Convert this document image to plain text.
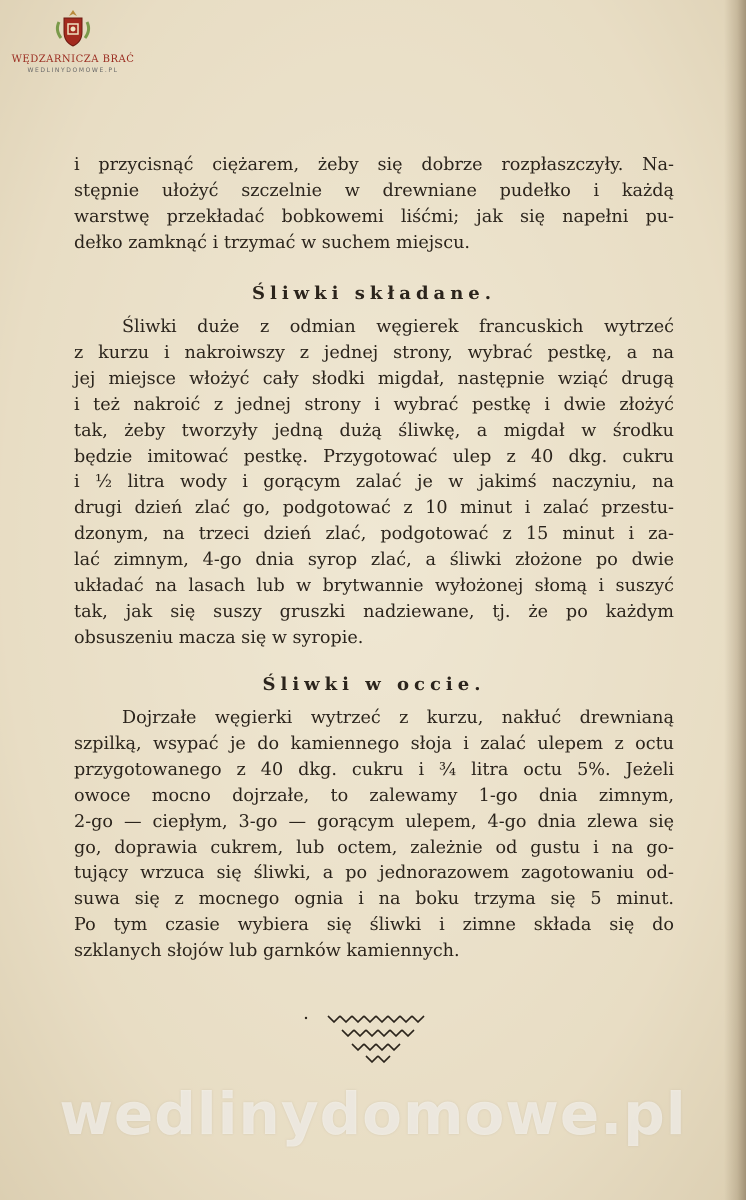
WĘDZARNICZA BRAĆ
WEDLINYDOMOWE.PL
i przycisnąć ciężarem, żeby się dobrze rozpłaszczyły. Na-
stępnie ułożyć szczelnie w drewniane pudełko i każdą
warstwę przekładać bobkowemi liśćmi; jak się napełni pu-
dełko zamknąć i trzymać w suchem miejscu.
Śliwki składane.
Śliwki duże z odmian węgierek francuskich wytrzeć
z kurzu i nakroiwszy z jednej strony, wybrać pestkę, a na
jej miejsce włożyć cały słodki migdał, następnie wziąć drugą
i też nakroić z jednej strony i wybrać pestkę i dwie złożyć
tak, żeby tworzyły jedną dużą śliwkę, a migdał w środku
będzie imitować pestkę. Przygotować ulep z 40 dkg. cukru
i ½ litra wody i gorącym zalać je w jakimś naczyniu, na
drugi dzień zlać go, podgotować z 10 minut i zalać przestu-
dzonym, na trzeci dzień zlać, podgotować z 15 minut i za-
lać zimnym, 4-go dnia syrop zlać, a śliwki złożone po dwie
układać na lasach lub w brytwannie wyłożonej słomą i suszyć
tak, jak się suszy gruszki nadziewane, tj. że po każdym
obsuszeniu macza się w syropie.
Śliwki w occie.
Dojrzałe węgierki wytrzeć z kurzu, nakłuć drewnianą
szpilką, wsypać je do kamiennego słoja i zalać ulepem z octu
przygotowanego z 40 dkg. cukru i ¾ litra octu 5%. Jeżeli
owoce mocno dojrzałe, to zalewamy 1-go dnia zimnym,
2-go — ciepłym, 3-go — gorącym ulepem, 4-go dnia zlewa się
go, doprawia cukrem, lub octem, zależnie od gustu i na go-
tujący wrzuca się śliwki, a po jednorazowem zagotowaniu od-
suwa się z mocnego ognia i na boku trzyma się 5 minut.
Po tym czasie wybiera się śliwki i zimne składa się do
szklanych słojów lub garnków kamiennych.
wedlinydomowe.pl
